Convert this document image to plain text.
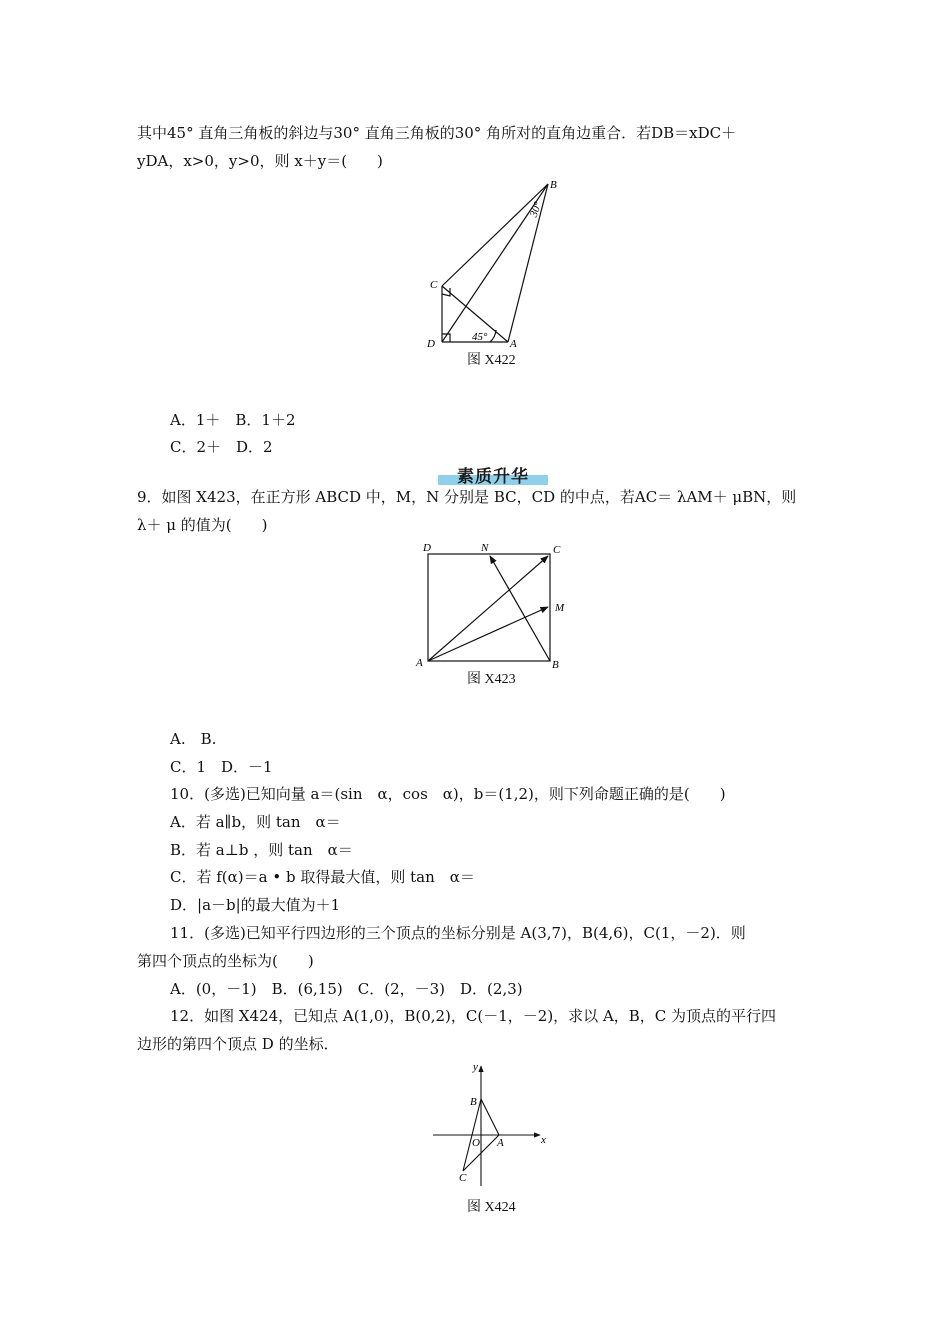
其中45° 直角三角板的斜边与30° 直角三角板的30° 角所对的直角边重合．若DB＝xDC＋
yDA，x>0，y>0，则 x＋y＝(　　)
B
C
D	A
30°
45°
图 X422
A．1＋　B．1＋2
C．2＋　D．2
素质升华
9．如图 X423，在正方形 ABCD 中，M，N 分别是 BC，CD 的中点，若AC＝ λAM＋ μBN，则
λ＋ μ 的值为(　　)
D	N	C
M
A	B
图 X423
A.　B.
C．1　D．－1
10．(多选)已知向量 a＝(sin　α，cos　α)，b＝(1,2)，则下列命题正确的是(　　)
A．若 a∥b，则 tan　α＝
B．若 a⊥b ，则 tan　α＝
C．若 f(α)＝a • b 取得最大值，则 tan　α＝
D．|a－b|的最大值为＋1
11．(多选)已知平行四边形的三个顶点的坐标分别是 A(3,7)，B(4,6)，C(1，－2)．则
第四个顶点的坐标为(　　)
A．(0，－1)　B．(6,15)　C．(2，－3)　D．(2,3)
12．如图 X424，已知点 A(1,0)，B(0,2)，C(－1，－2)，求以 A，B，C 为顶点的平行四
边形的第四个顶点 D 的坐标．
y
x
B
O A
C
图 X424
